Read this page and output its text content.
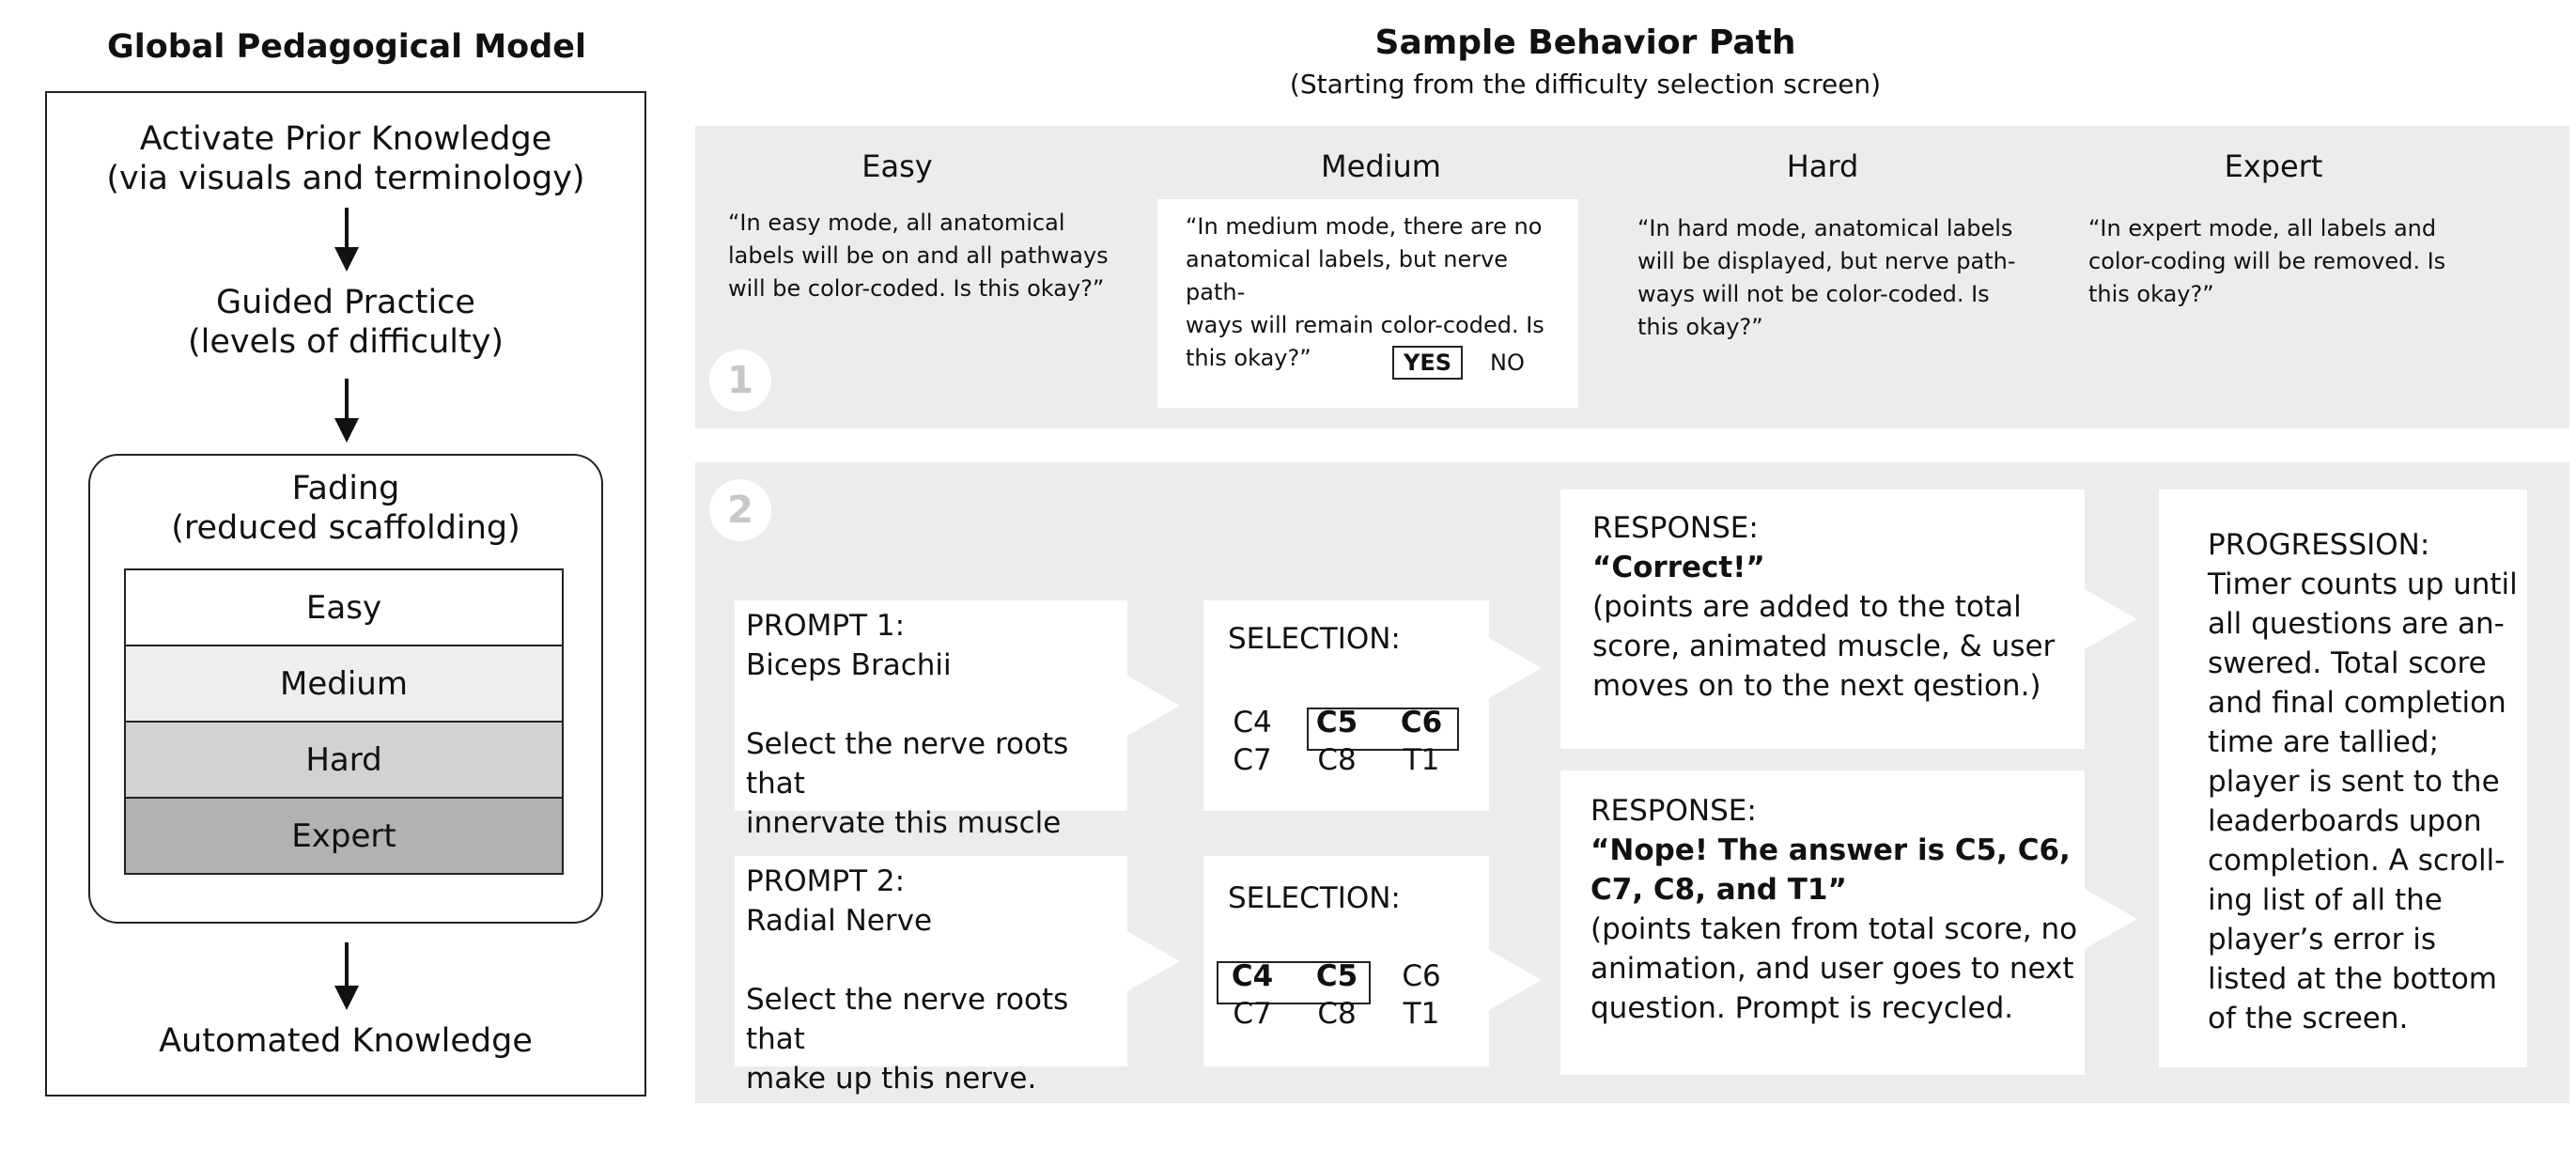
Global Pedagogical Model
Activate Prior Knowledge
(via visuals and terminology)
Guided Practice
(levels of difficulty)
Fading
(reduced scaffolding)
Easy
Medium
Hard
Expert
Automated Knowledge
Sample Behavior Path
(Starting from the difficulty selection screen)
1
Easy
“In easy mode, all anatomical
labels will be on and all pathways
will be color-coded. Is this okay?”
Medium
“In medium mode, there are no
anatomical labels, but nerve path-
ways will remain color-coded. Is
this okay?”	YES	NO
Hard
“In hard mode, anatomical labels
will be displayed, but nerve path-
ways will not be color-coded. Is
this okay?”
Expert
“In expert mode, all labels and
color-coding will be removed. Is
this okay?”
2
PROMPT 1:
Biceps Brachii
Select the nerve roots that
innervate this muscle
SELECTION:
C4	C5	C6
C7	C8	T1
PROMPT 2:
Radial Nerve
Select the nerve roots that
make up this nerve.
SELECTION:
C4	C5	C6
C7	C8	T1
RESPONSE:
“Correct!”
(points are added to the total
score, animated muscle, & user
moves on to the next qestion.)
RESPONSE:
“Nope! The answer is C5, C6,
C7, C8, and T1”
(points taken from total score, no
animation, and user goes to next
question. Prompt is recycled.
PROGRESSION:
Timer counts up until
all questions are an-
swered. Total score
and final completion
time are tallied;
player is sent to the
leaderboards upon
completion. A scroll-
ing list of all the
player’s error is
listed at the bottom
of the screen.
